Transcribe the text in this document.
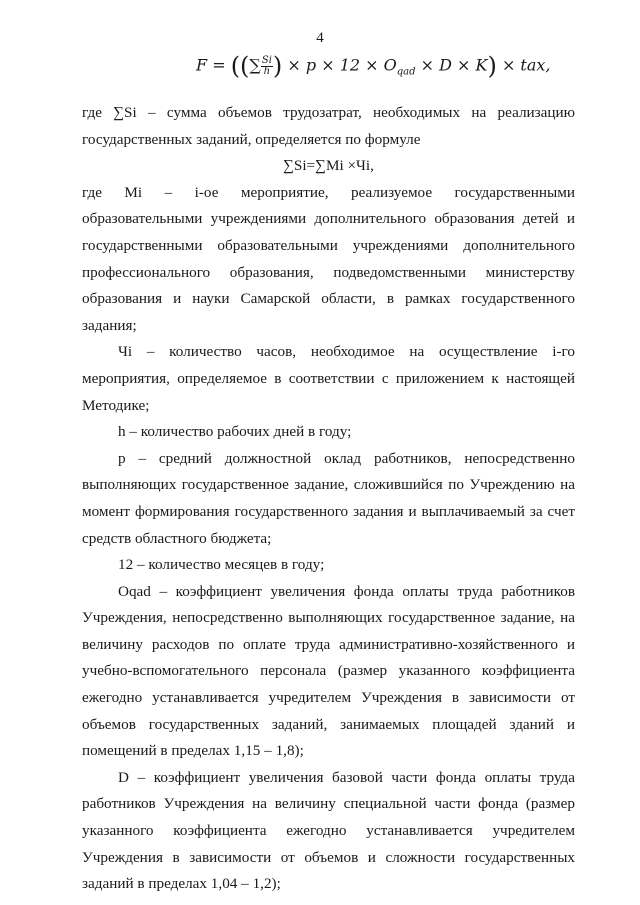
4
F = ((∑ $\frac{Si}{h}$ ) × $p \times 12 \times O_{qad} \times D \times K$) × tax,

где ∑Si – сумма объемов трудозатрат, необходимых на реализацию государственных заданий, определяется по формуле

∑Si=∑Mi ×Чi,

где Mi – i-ое мероприятие, реализуемое государственными образовательными учреждениями дополнительного образования детей и государственными образовательными учреждениями дополнительного профессионального образования, подведомственными министерству образования и науки Самарской области, в рамках государственного задания;

Чi – количество часов, необходимое на осуществление i-го мероприятия, определяемое в соответствии с приложением к настоящей Методике;

h – количество рабочих дней в году;

p – средний должностной оклад работников, непосредственно выполняющих государственное задание, сложившийся по Учреждению на момент формирования государственного задания и выплачиваемый за счет средств областного бюджета;

12 – количество месяцев в году;

Oqad – коэффициент увеличения фонда оплаты труда работников Учреждения, непосредственно выполняющих государственное задание, на величину расходов по оплате труда административно-хозяйственного и учебно-вспомогательного персонала (размер указанного коэффициента ежегодно устанавливается учредителем Учреждения в зависимости от объемов государственных заданий, занимаемых площадей зданий и помещений в пределах 1,15 – 1,8);

D – коэффициент увеличения базовой части фонда оплаты труда работников Учреждения на величину специальной части фонда (размер указанного коэффициента ежегодно устанавливается учредителем Учреждения в зависимости от объемов и сложности государственных заданий в пределах 1,04 – 1,2);
